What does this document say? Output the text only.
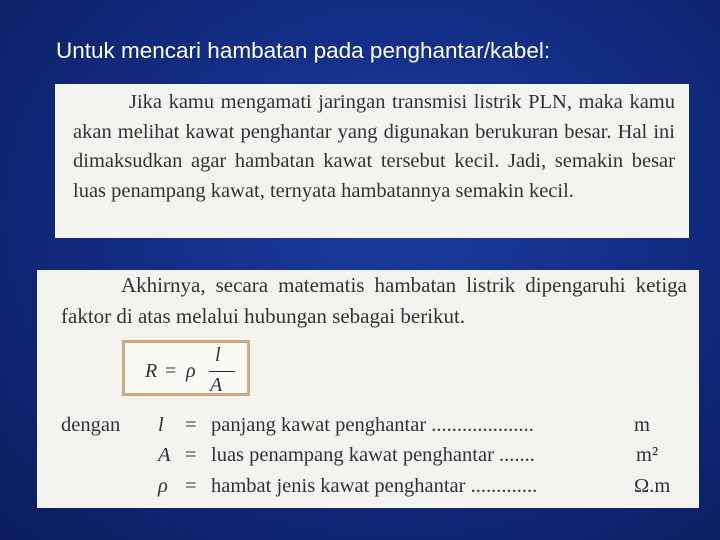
Untuk mencari hambatan pada penghantar/kabel:

Jika kamu mengamati jaringan transmisi listrik PLN, maka kamu akan melihat kawat penghantar yang digunakan berukuran besar. Hal ini dimaksudkan agar hambatan kawat tersebut kecil. Jadi, semakin besar luas penampang kawat, ternyata hambatannya semakin kecil.

Akhirnya, secara matematis hambatan listrik dipengaruhi ketiga faktor di atas melalui hubungan sebagai berikut.

R = ρ
l
A
dengan l = panjang kawat penghantar ....................	m
A = luas penampang kawat penghantar .......	m²
ρ = hambat jenis kawat penghantar .............	Ω.m
